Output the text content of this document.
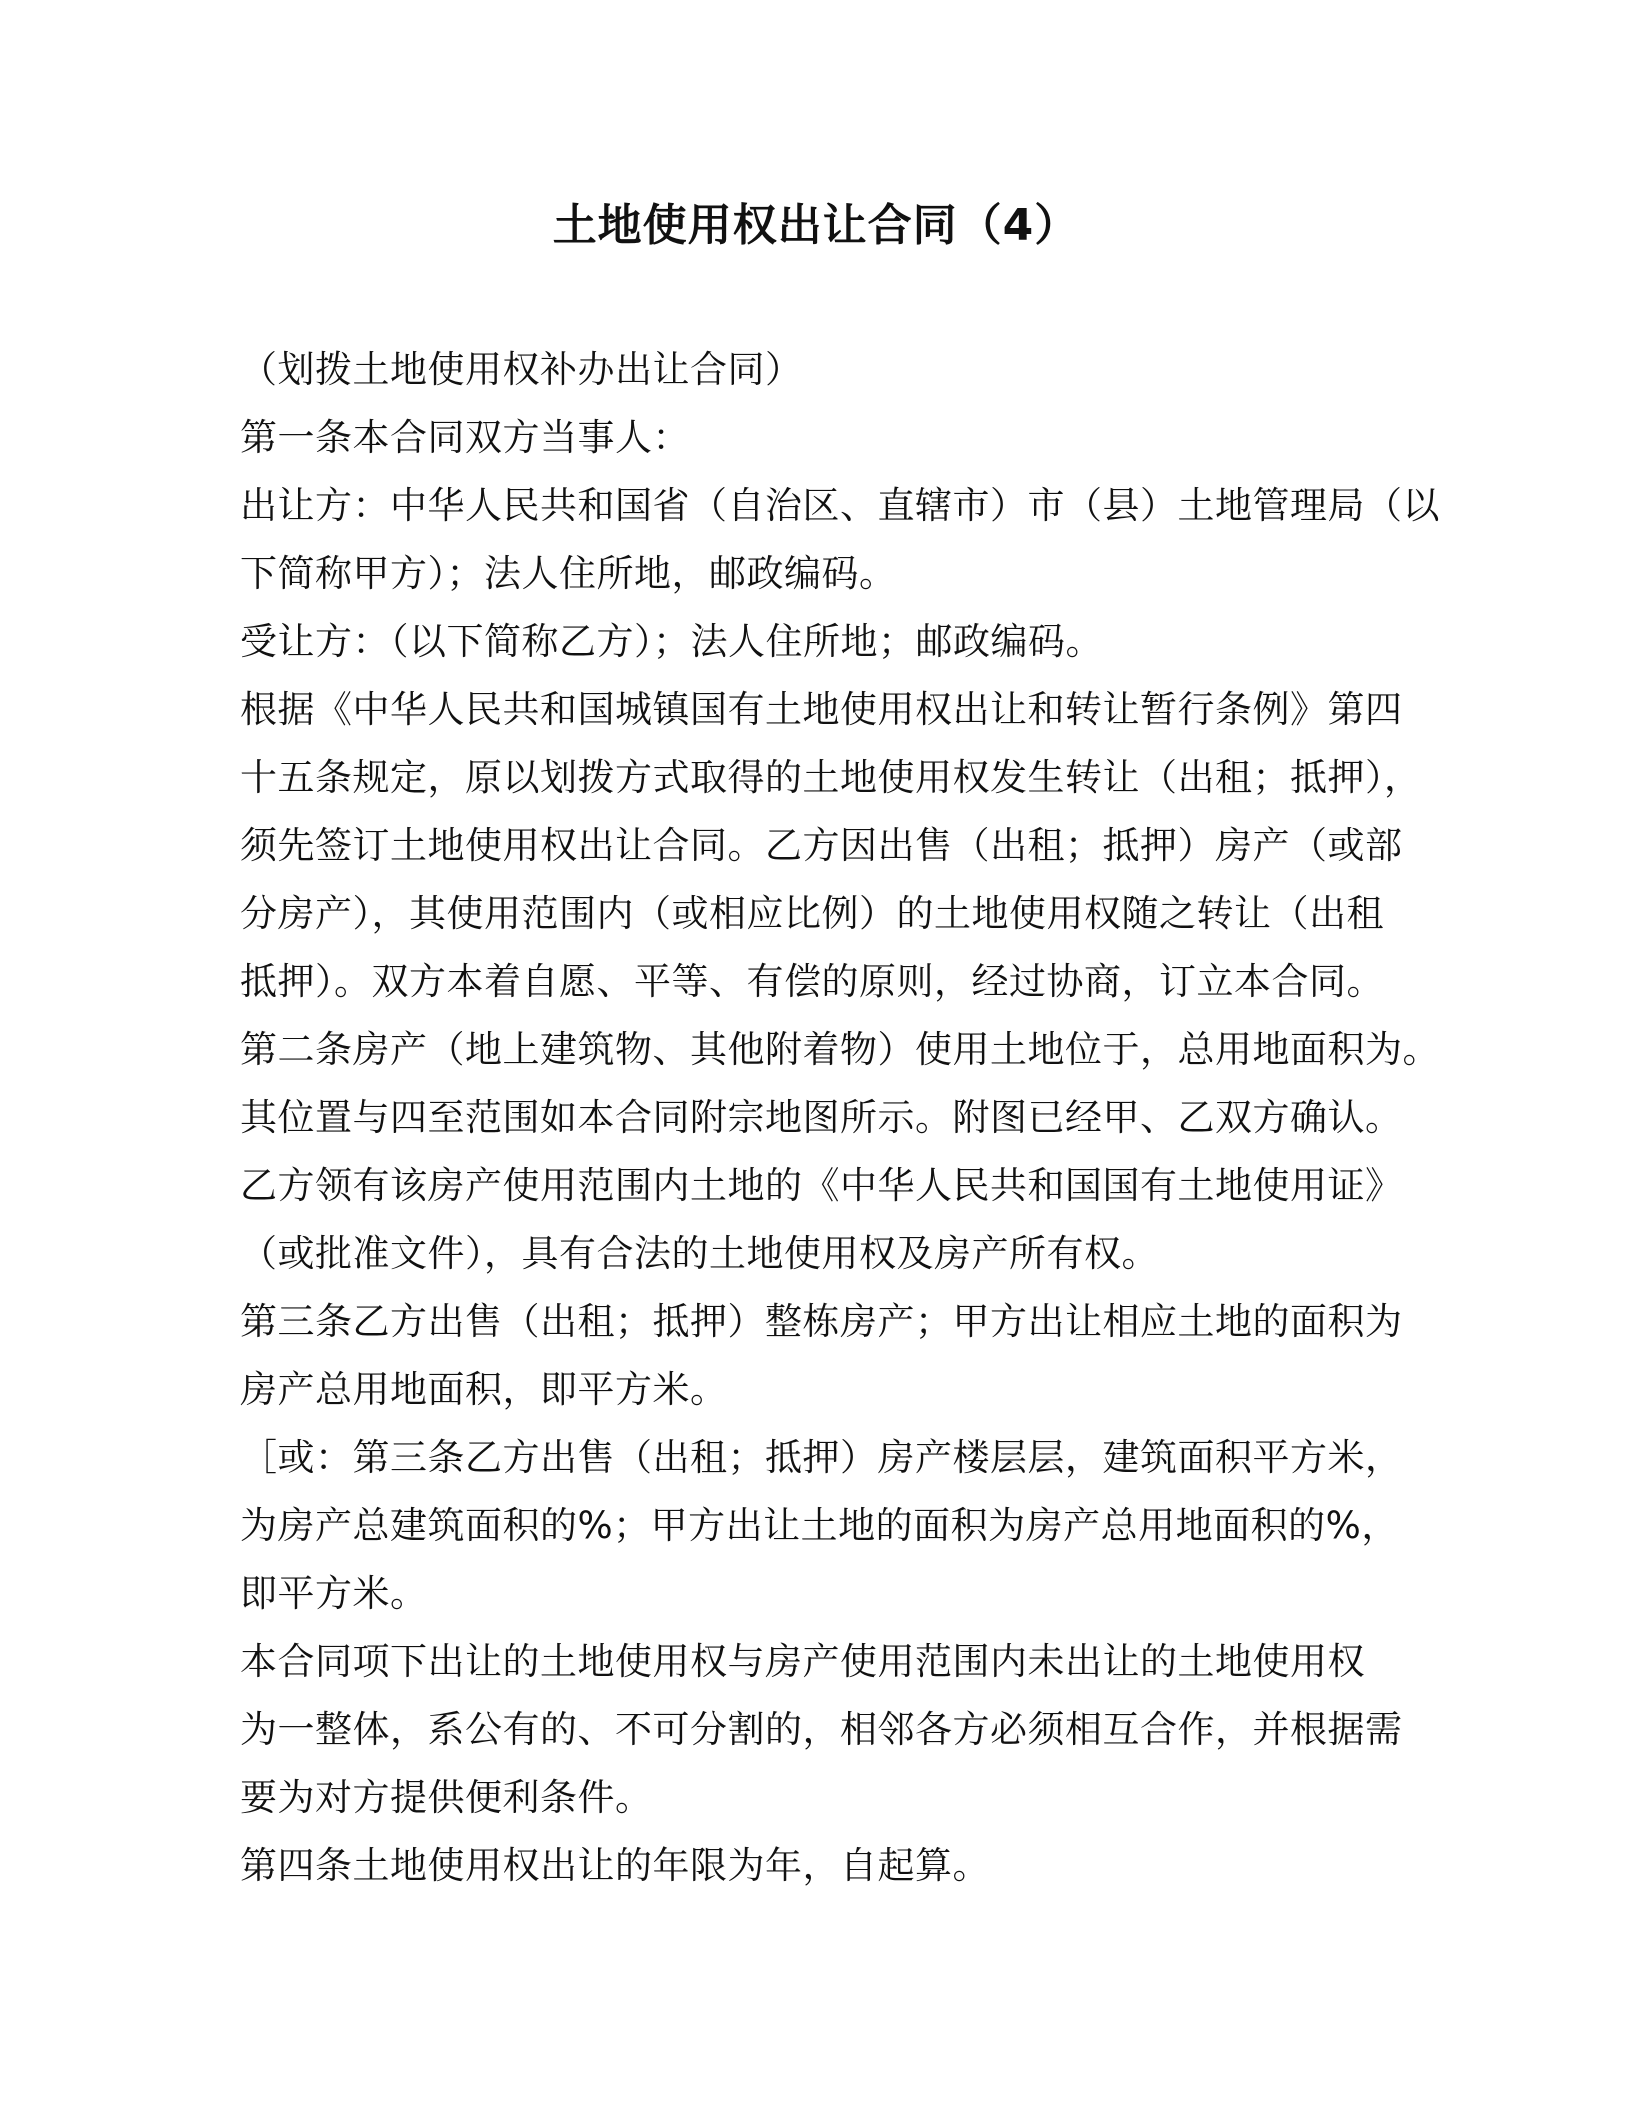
土地使用权出让合同（4）

（划拨土地使用权补办出让合同）

第一条本合同双方当事人：

出让方：中华人民共和国省（自治区、直辖市）市（县）土地管理局（以

下简称甲方）；法人住所地，邮政编码。

受让方：（以下简称乙方）；法人住所地；邮政编码。

根据《中华人民共和国城镇国有土地使用权出让和转让暂行条例》第四

十五条规定，原以划拨方式取得的土地使用权发生转让（出租；抵押），

须先签订土地使用权出让合同。乙方因出售（出租；抵押）房产（或部

分房产），其使用范围内（或相应比例）的土地使用权随之转让（出租

抵押）。双方本着自愿、平等、有偿的原则，经过协商，订立本合同。

第二条房产（地上建筑物、其他附着物）使用土地位于，总用地面积为。

其位置与四至范围如本合同附宗地图所示。附图已经甲、乙双方确认。

乙方领有该房产使用范围内土地的《中华人民共和国国有土地使用证》

（或批准文件），具有合法的土地使用权及房产所有权。

第三条乙方出售（出租；抵押）整栋房产；甲方出让相应土地的面积为

房产总用地面积，即平方米。

［或：第三条乙方出售（出租；抵押）房产楼层层，建筑面积平方米，

为房产总建筑面积的%；甲方出让土地的面积为房产总用地面积的%，

即平方米。

本合同项下出让的土地使用权与房产使用范围内未出让的土地使用权

为一整体，系公有的、不可分割的，相邻各方必须相互合作，并根据需

要为对方提供便利条件。

第四条土地使用权出让的年限为年，自起算。
